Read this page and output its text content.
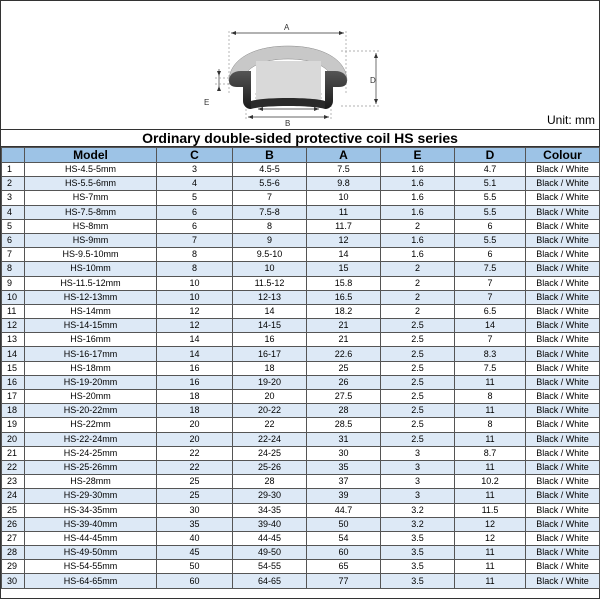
A
D
E
B	Unit: mm
Ordinary double-sided protective coil HS series
	Model	C	B	A	E	D	Colour
1	HS-4.5-5mm	3	4.5-5	7.5	1.6	4.7	Black / White
2	HS-5.5-6mm	4	5.5-6	9.8	1.6	5.1	Black / White
3	HS-7mm	5	7	10	1.6	5.5	Black / White
4	HS-7.5-8mm	6	7.5-8	11	1.6	5.5	Black / White
5	HS-8mm	6	8	11.7	2	6	Black / White
6	HS-9mm	7	9	12	1.6	5.5	Black / White
7	HS-9.5-10mm	8	9.5-10	14	1.6	6	Black / White
8	HS-10mm	8	10	15	2	7.5	Black / White
9	HS-11.5-12mm	10	11.5-12	15.8	2	7	Black / White
10	HS-12-13mm	10	12-13	16.5	2	7	Black / White
11	HS-14mm	12	14	18.2	2	6.5	Black / White
12	HS-14-15mm	12	14-15	21	2.5	14	Black / White
13	HS-16mm	14	16	21	2.5	7	Black / White
14	HS-16-17mm	14	16-17	22.6	2.5	8.3	Black / White
15	HS-18mm	16	18	25	2.5	7.5	Black / White
16	HS-19-20mm	16	19-20	26	2.5	11	Black / White
17	HS-20mm	18	20	27.5	2.5	8	Black / White
18	HS-20-22mm	18	20-22	28	2.5	11	Black / White
19	HS-22mm	20	22	28.5	2.5	8	Black / White
20	HS-22-24mm	20	22-24	31	2.5	11	Black / White
21	HS-24-25mm	22	24-25	30	3	8.7	Black / White
22	HS-25-26mm	22	25-26	35	3	11	Black / White
23	HS-28mm	25	28	37	3	10.2	Black / White
24	HS-29-30mm	25	29-30	39	3	11	Black / White
25	HS-34-35mm	30	34-35	44.7	3.2	11.5	Black / White
26	HS-39-40mm	35	39-40	50	3.2	12	Black / White
27	HS-44-45mm	40	44-45	54	3.5	12	Black / White
28	HS-49-50mm	45	49-50	60	3.5	11	Black / White
29	HS-54-55mm	50	54-55	65	3.5	11	Black / White
30	HS-64-65mm	60	64-65	77	3.5	11	Black / White
